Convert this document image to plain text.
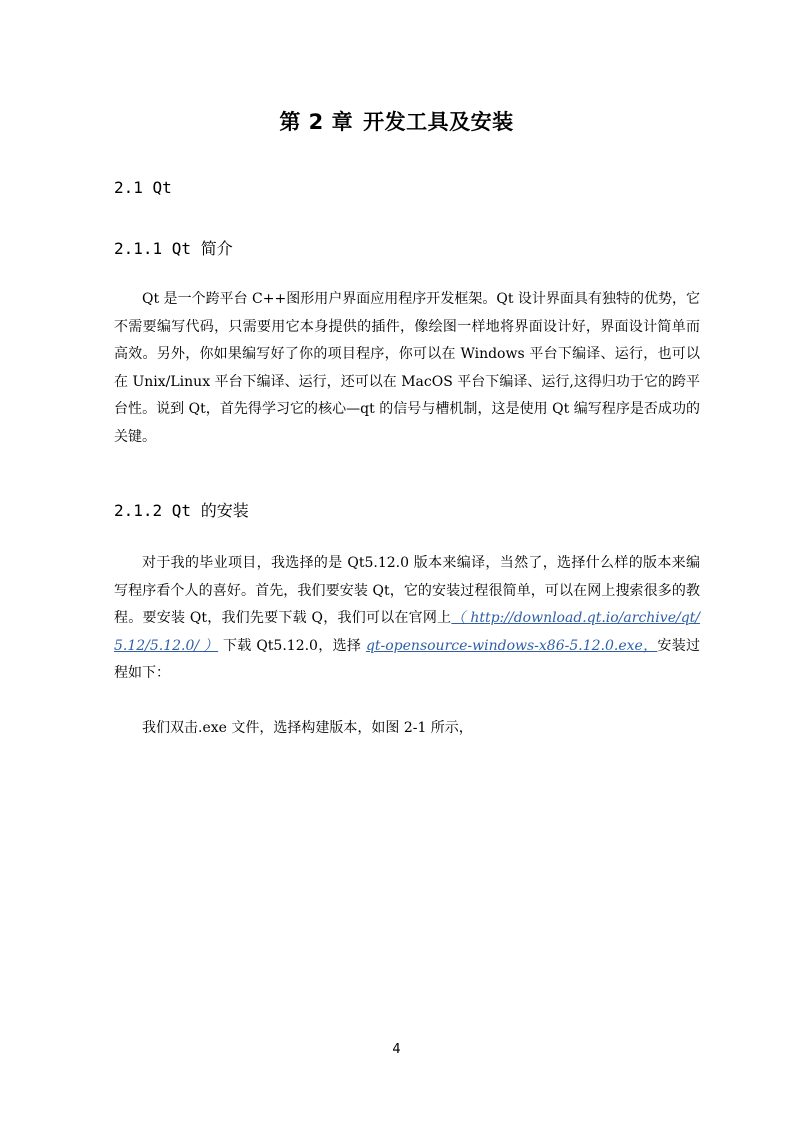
第 2 章 开发工具及安装
2.1 Qt
2.1.1 Qt 简介
Qt 是一个跨平台 C++图形用户界面应用程序开发框架。Qt 设计界面具有独特的优势，它不需要编写代码，只需要用它本身提供的插件，像绘图一样地将界面设计好，界面设计简单而高效。另外，你如果编写好了你的项目程序，你可以在 Windows 平台下编译、运行，也可以在 Unix/Linux 平台下编译、运行，还可以在 MacOS 平台下编译、运行,这得归功于它的跨平台性。说到 Qt，首先得学习它的核心—qt 的信号与槽机制，这是使用 Qt 编写程序是否成功的关键。
2.1.2 Qt 的安装
对于我的毕业项目，我选择的是 Qt5.12.0 版本来编译，当然了，选择什么样的版本来编写程序看个人的喜好。首先，我们要安装 Qt，它的安装过程很简单，可以在网上搜索很多的教程。要安装 Qt，我们先要下载 Q，我们可以在官网上（ http://download.qt.io/archive/qt/5.12/5.12.0/ ） 下载 Qt5.12.0，选择 qt-opensource-windows-x86-5.12.0.exe，安装过程如下：
我们双击.exe 文件，选择构建版本，如图 2-1 所示，
4
